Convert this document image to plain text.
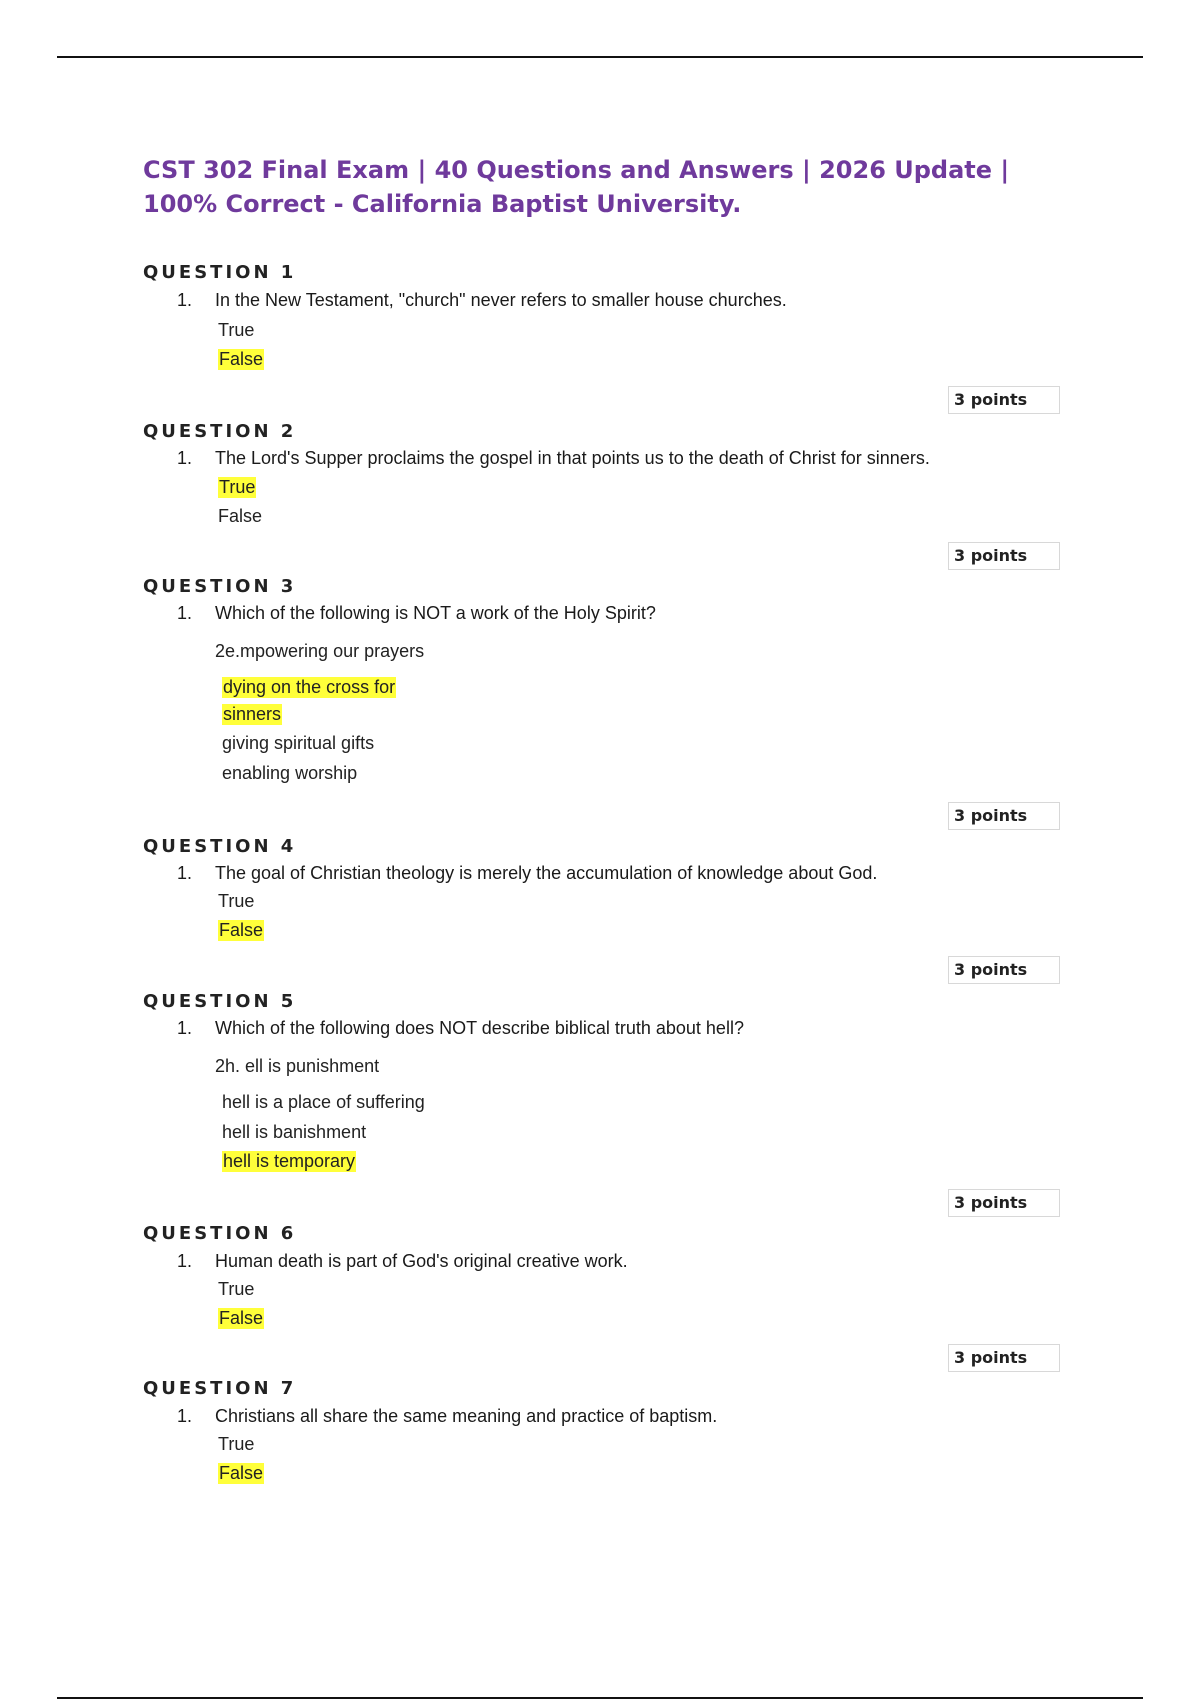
CST 302 Final Exam | 40 Questions and Answers | 2026 Update | 100% Correct - California Baptist University.
QUESTION 1
1. In the New Testament, "church" never refers to smaller house churches.
True
False
3 points
QUESTION 2
1. The Lord's Supper proclaims the gospel in that points us to the death of Christ for sinners.
True
False
3 points
QUESTION 3
1. Which of the following is NOT a work of the Holy Spirit?
2e.mpowering our prayers
dying on the cross for
sinners
giving spiritual gifts
enabling worship
3 points
QUESTION 4
1. The goal of Christian theology is merely the accumulation of knowledge about God.
True
False
3 points
QUESTION 5
1. Which of the following does NOT describe biblical truth about hell?
2h. ell is punishment
hell is a place of suffering
hell is banishment
hell is temporary
3 points
QUESTION 6
1. Human death is part of God's original creative work.
True
False
3 points
QUESTION 7
1. Christians all share the same meaning and practice of baptism.
True
False
